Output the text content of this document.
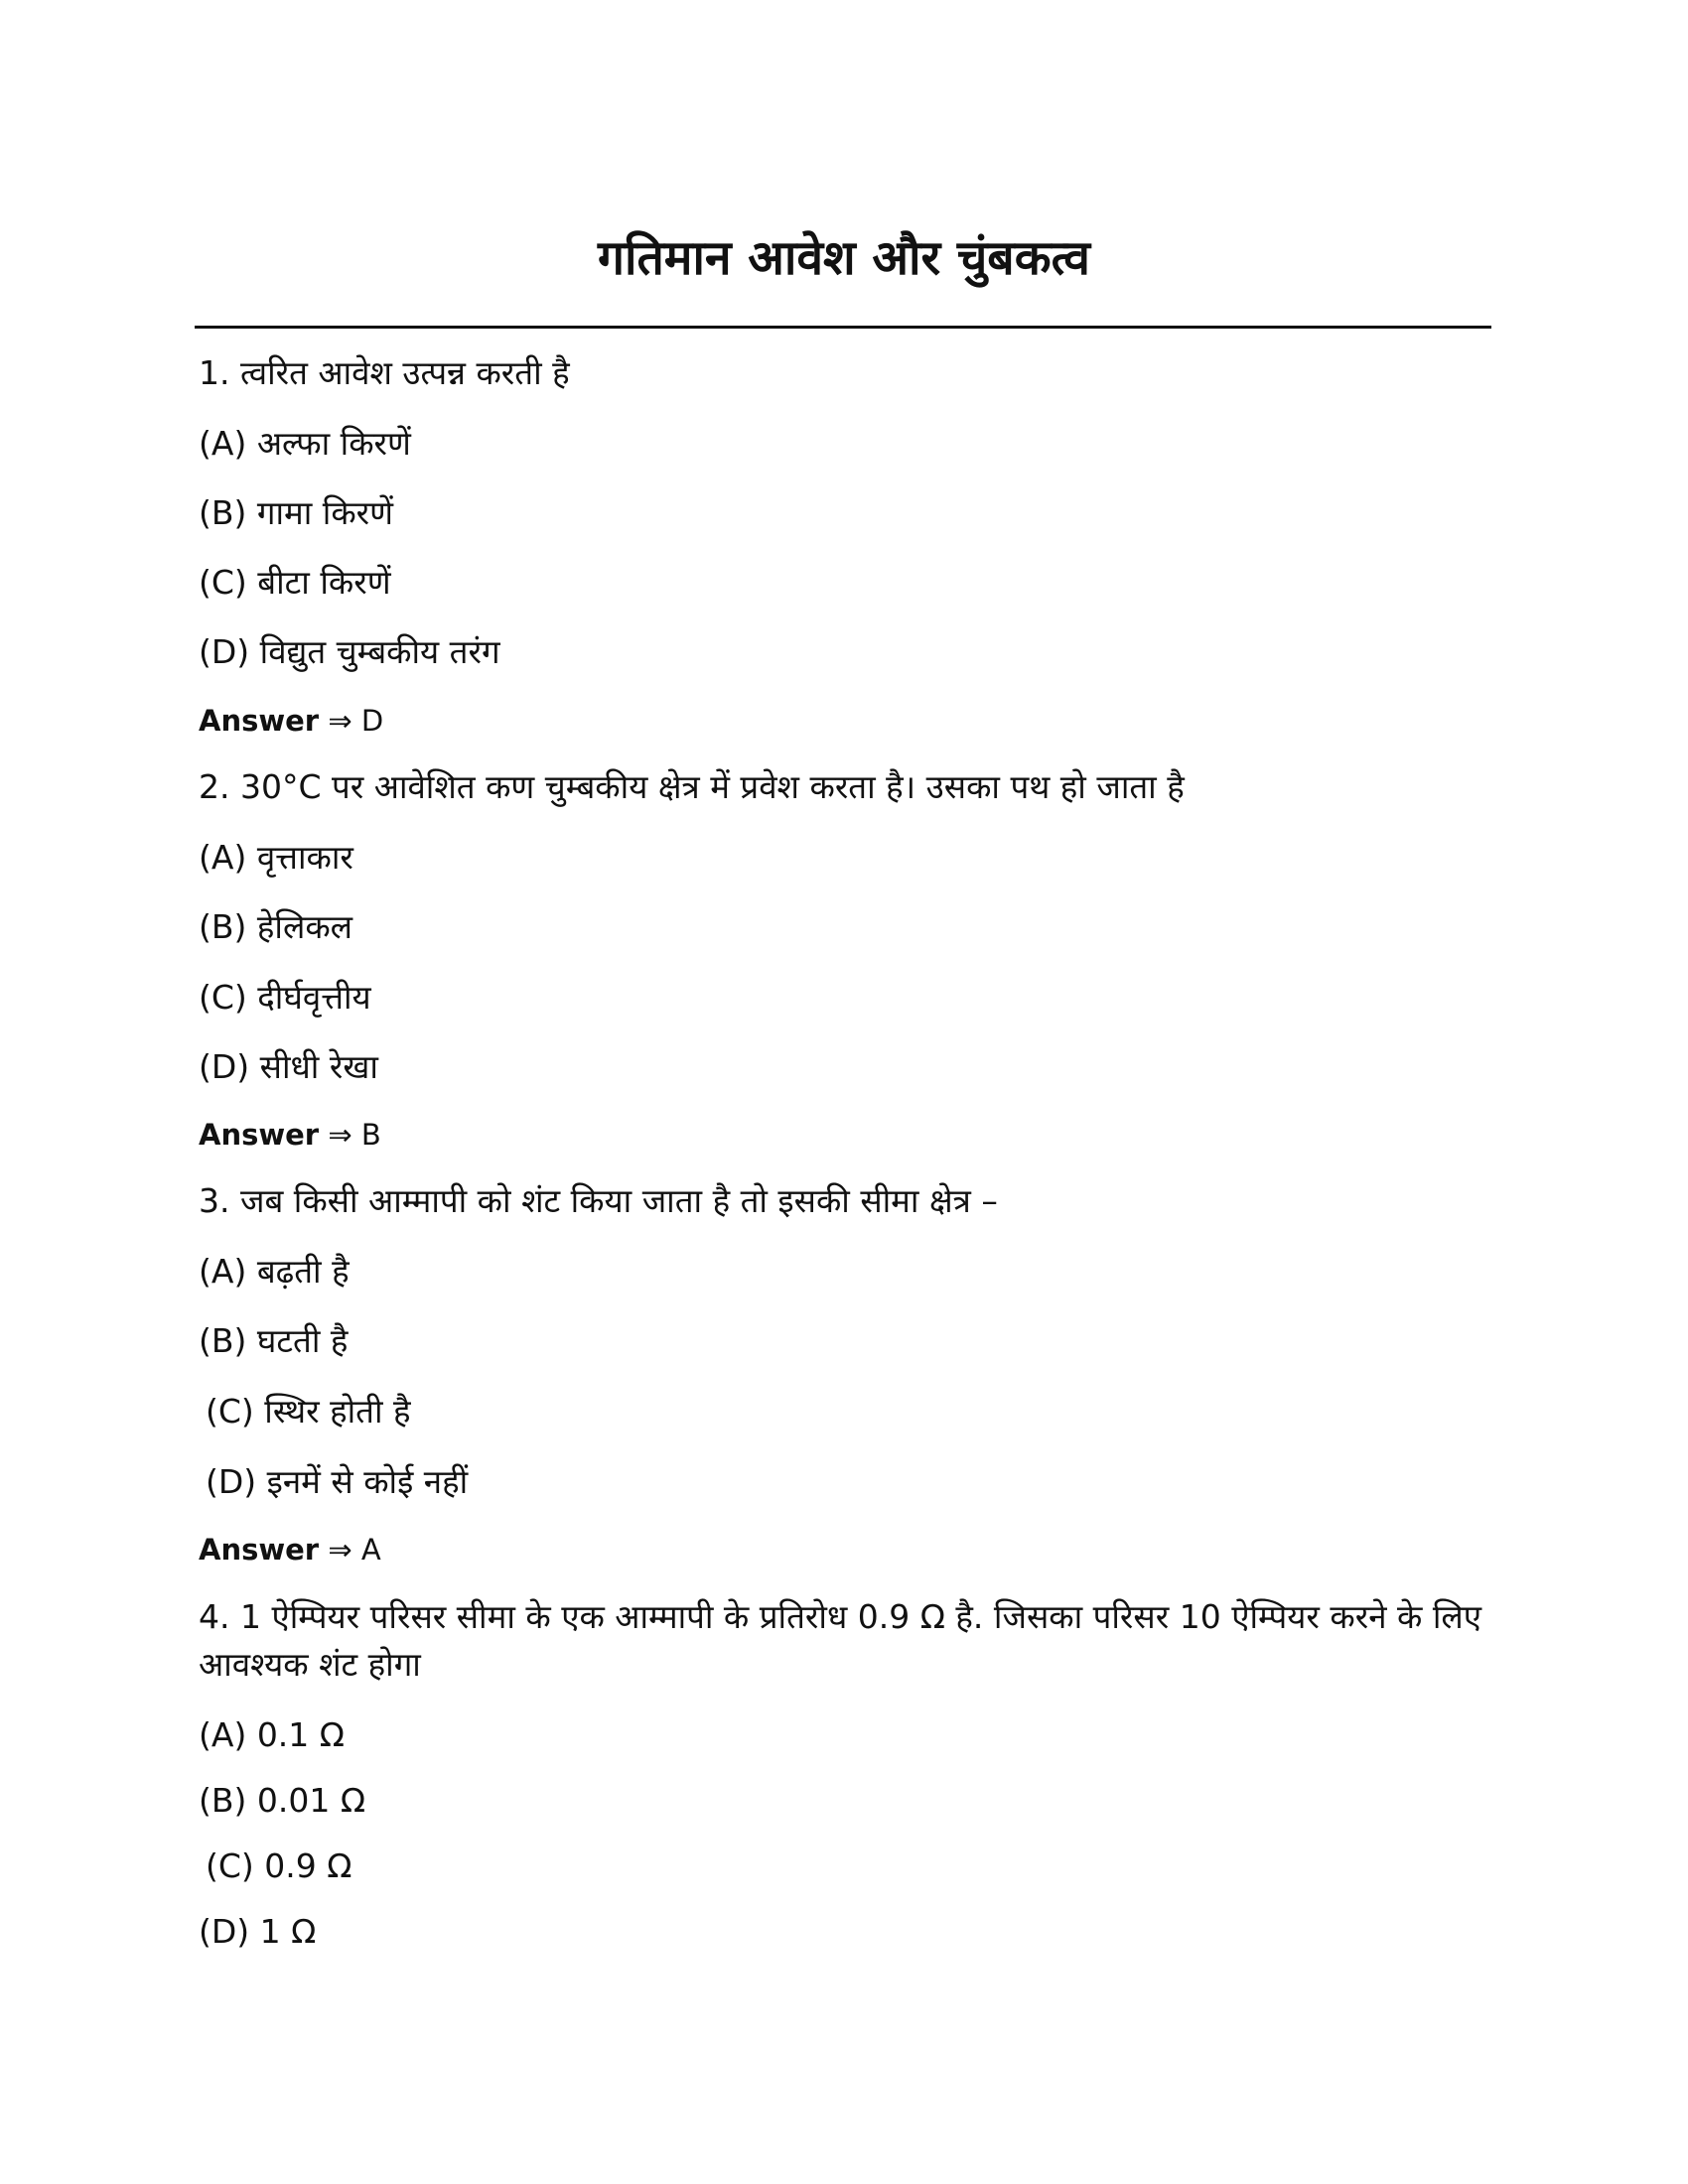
गतिमान आवेश और चुंबकत्व
1. त्वरित आवेश उत्पन्न करती है
(A) अल्फा किरणें
(B) गामा किरणें
(C) बीटा किरणें
(D) विद्युत चुम्बकीय तरंग
Answer ⇒ D
2. 30°C पर आवेशित कण चुम्बकीय क्षेत्र में प्रवेश करता है। उसका पथ हो जाता है
(A) वृत्ताकार
(B) हेलिकल
(C) दीर्घवृत्तीय
(D) सीधी रेखा
Answer ⇒ B
3. जब किसी आम्मापी को शंट किया जाता है तो इसकी सीमा क्षेत्र –
(A) बढ़ती है
(B) घटती है
(C) स्थिर होती है
(D) इनमें से कोई नहीं
Answer ⇒ A
4. 1 ऐम्पियर परिसर सीमा के एक आम्मापी के प्रतिरोध 0.9 Ω है. जिसका परिसर 10 ऐम्पियर करने के लिए आवश्यक शंट होगा
(A) 0.1 Ω
(B) 0.01 Ω
(C) 0.9 Ω
(D) 1 Ω
